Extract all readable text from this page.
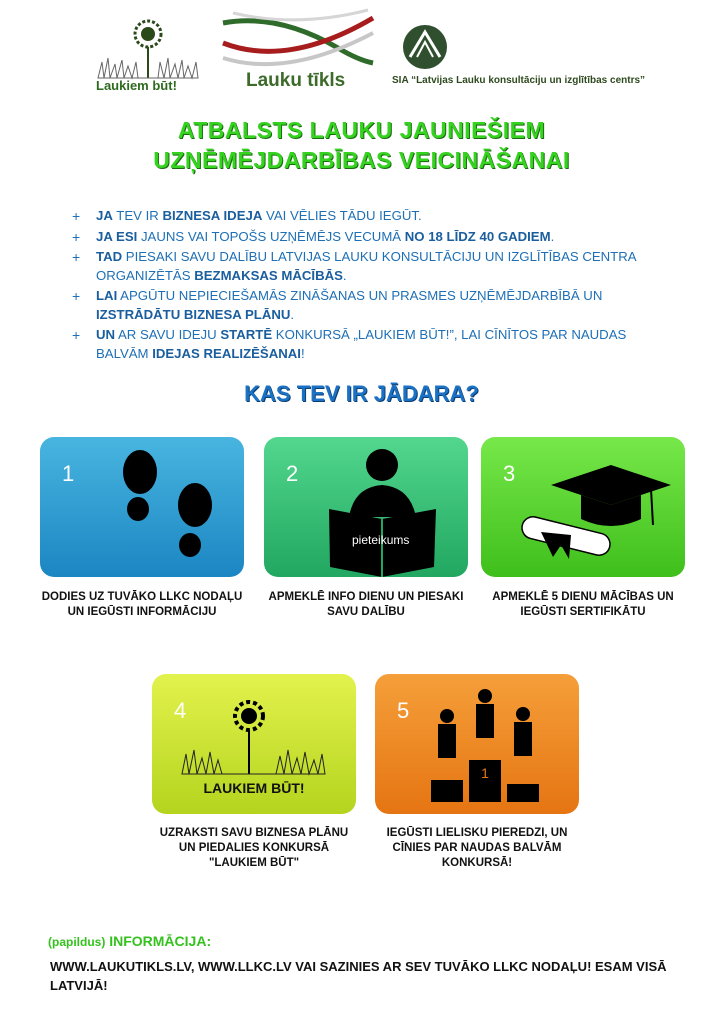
Laukiem būt!	Lauku tīkls	SIA “Latvijas Lauku konsultāciju un izglītības centrs”
ATBALSTS LAUKU JAUNIEŠIEM
UZŅĒMĒJDARBĪBAS VEICINĀŠANAI
+ JA TEV IR BIZNESA IDEJA VAI VĒLIES TĀDU IEGŪT.
+ JA ESI JAUNS VAI TOPOŠS UZŅĒMĒJS VECUMĀ NO 18 LĪDZ 40 GADIEM.
+ TAD PIESAKI SAVU DALĪBU LATVIJAS LAUKU KONSULTĀCIJU UN IZGLĪTĪBAS CENTRA ORGANIZĒTĀS BEZMAKSAS MĀCĪBĀS.
+ LAI APGŪTU NEPIECIEŠAMĀS ZINĀŠANAS UN PRASMES UZŅĒMĒJDARBĪBĀ UN IZSTRĀDĀTU BIZNESA PLĀNU.
+ UN AR SAVU IDEJU STARTĒ KONKURSĀ „LAUKIEM BŪT!”, LAI CĪNĪTOS PAR NAUDAS BALVĀM IDEJAS REALIZĒŠANAI!
KAS TEV IR JĀDARA?
1
DODIES UZ TUVĀKO LLKC NODAĻU UN IEGŪSTI INFORMĀCIJU
2
pieteikums
APMEKLĒ INFO DIENU UN PIESAKI SAVU DALĪBU
3
APMEKLĒ 5 DIENU MĀCĪBAS UN IEGŪSTI SERTIFIKĀTU
4
LAUKIEM BŪT!
UZRAKSTI SAVU BIZNESA PLĀNU UN PIEDALIES KONKURSĀ "LAUKIEM BŪT"
5
1
IEGŪSTI LIELISKU PIEREDZI, UN CĪNIES PAR NAUDAS BALVĀM KONKURSĀ!
(papildus) INFORMĀCIJA:
WWW.LAUKUTIKLS.LV, WWW.LLKC.LV VAI SAZINIES AR SEV TUVĀKO LLKC NODAĻU! ESAM VISĀ LATVIJĀ!
